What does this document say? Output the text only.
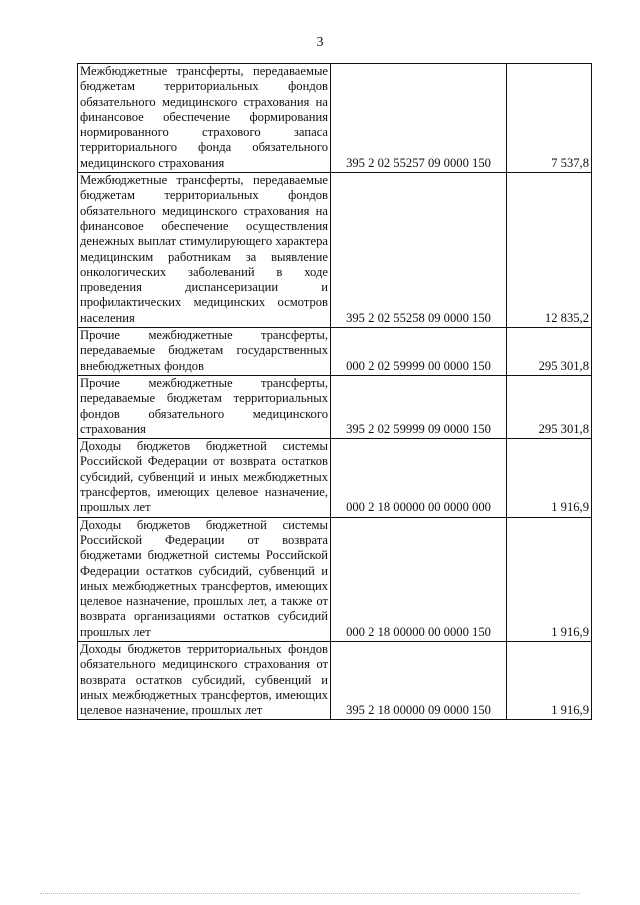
3
Межбюджетные трансферты, передаваемые бюджетам территориальных фондов обязательного медицинского страхования на финансовое обеспечение формирования нормированного страхового запаса территориального фонда обязательного медицинского страхования	395 2 02 55257 09 0000 150	7 537,8
Межбюджетные трансферты, передаваемые бюджетам территориальных фондов обязательного медицинского страхования на финансовое обеспечение осуществления денежных выплат стимулирующего характера медицинским работникам за выявление онкологических заболеваний в ходе проведения диспансеризации и профилактических медицинских осмотров населения	395 2 02 55258 09 0000 150	12 835,2
Прочие межбюджетные трансферты, передаваемые бюджетам государственных внебюджетных фондов	000 2 02 59999 00 0000 150	295 301,8
Прочие межбюджетные трансферты, передаваемые бюджетам территориальных фондов обязательного медицинского страхования	395 2 02 59999 09 0000 150	295 301,8
Доходы бюджетов бюджетной системы Российской Федерации от возврата остатков субсидий, субвенций и иных межбюджетных трансфертов, имеющих целевое назначение, прошлых лет	000 2 18 00000 00 0000 000	1 916,9
Доходы бюджетов бюджетной системы Российской Федерации от возврата бюджетами бюджетной системы Российской Федерации остатков субсидий, субвенций и иных межбюджетных трансфертов, имеющих целевое назначение, прошлых лет, а также от возврата организациями остатков субсидий прошлых лет	000 2 18 00000 00 0000 150	1 916,9
Доходы бюджетов территориальных фондов обязательного медицинского страхования от возврата остатков субсидий, субвенций и иных межбюджетных трансфертов, имеющих целевое назначение, прошлых лет	395 2 18 00000 09 0000 150	1 916,9
